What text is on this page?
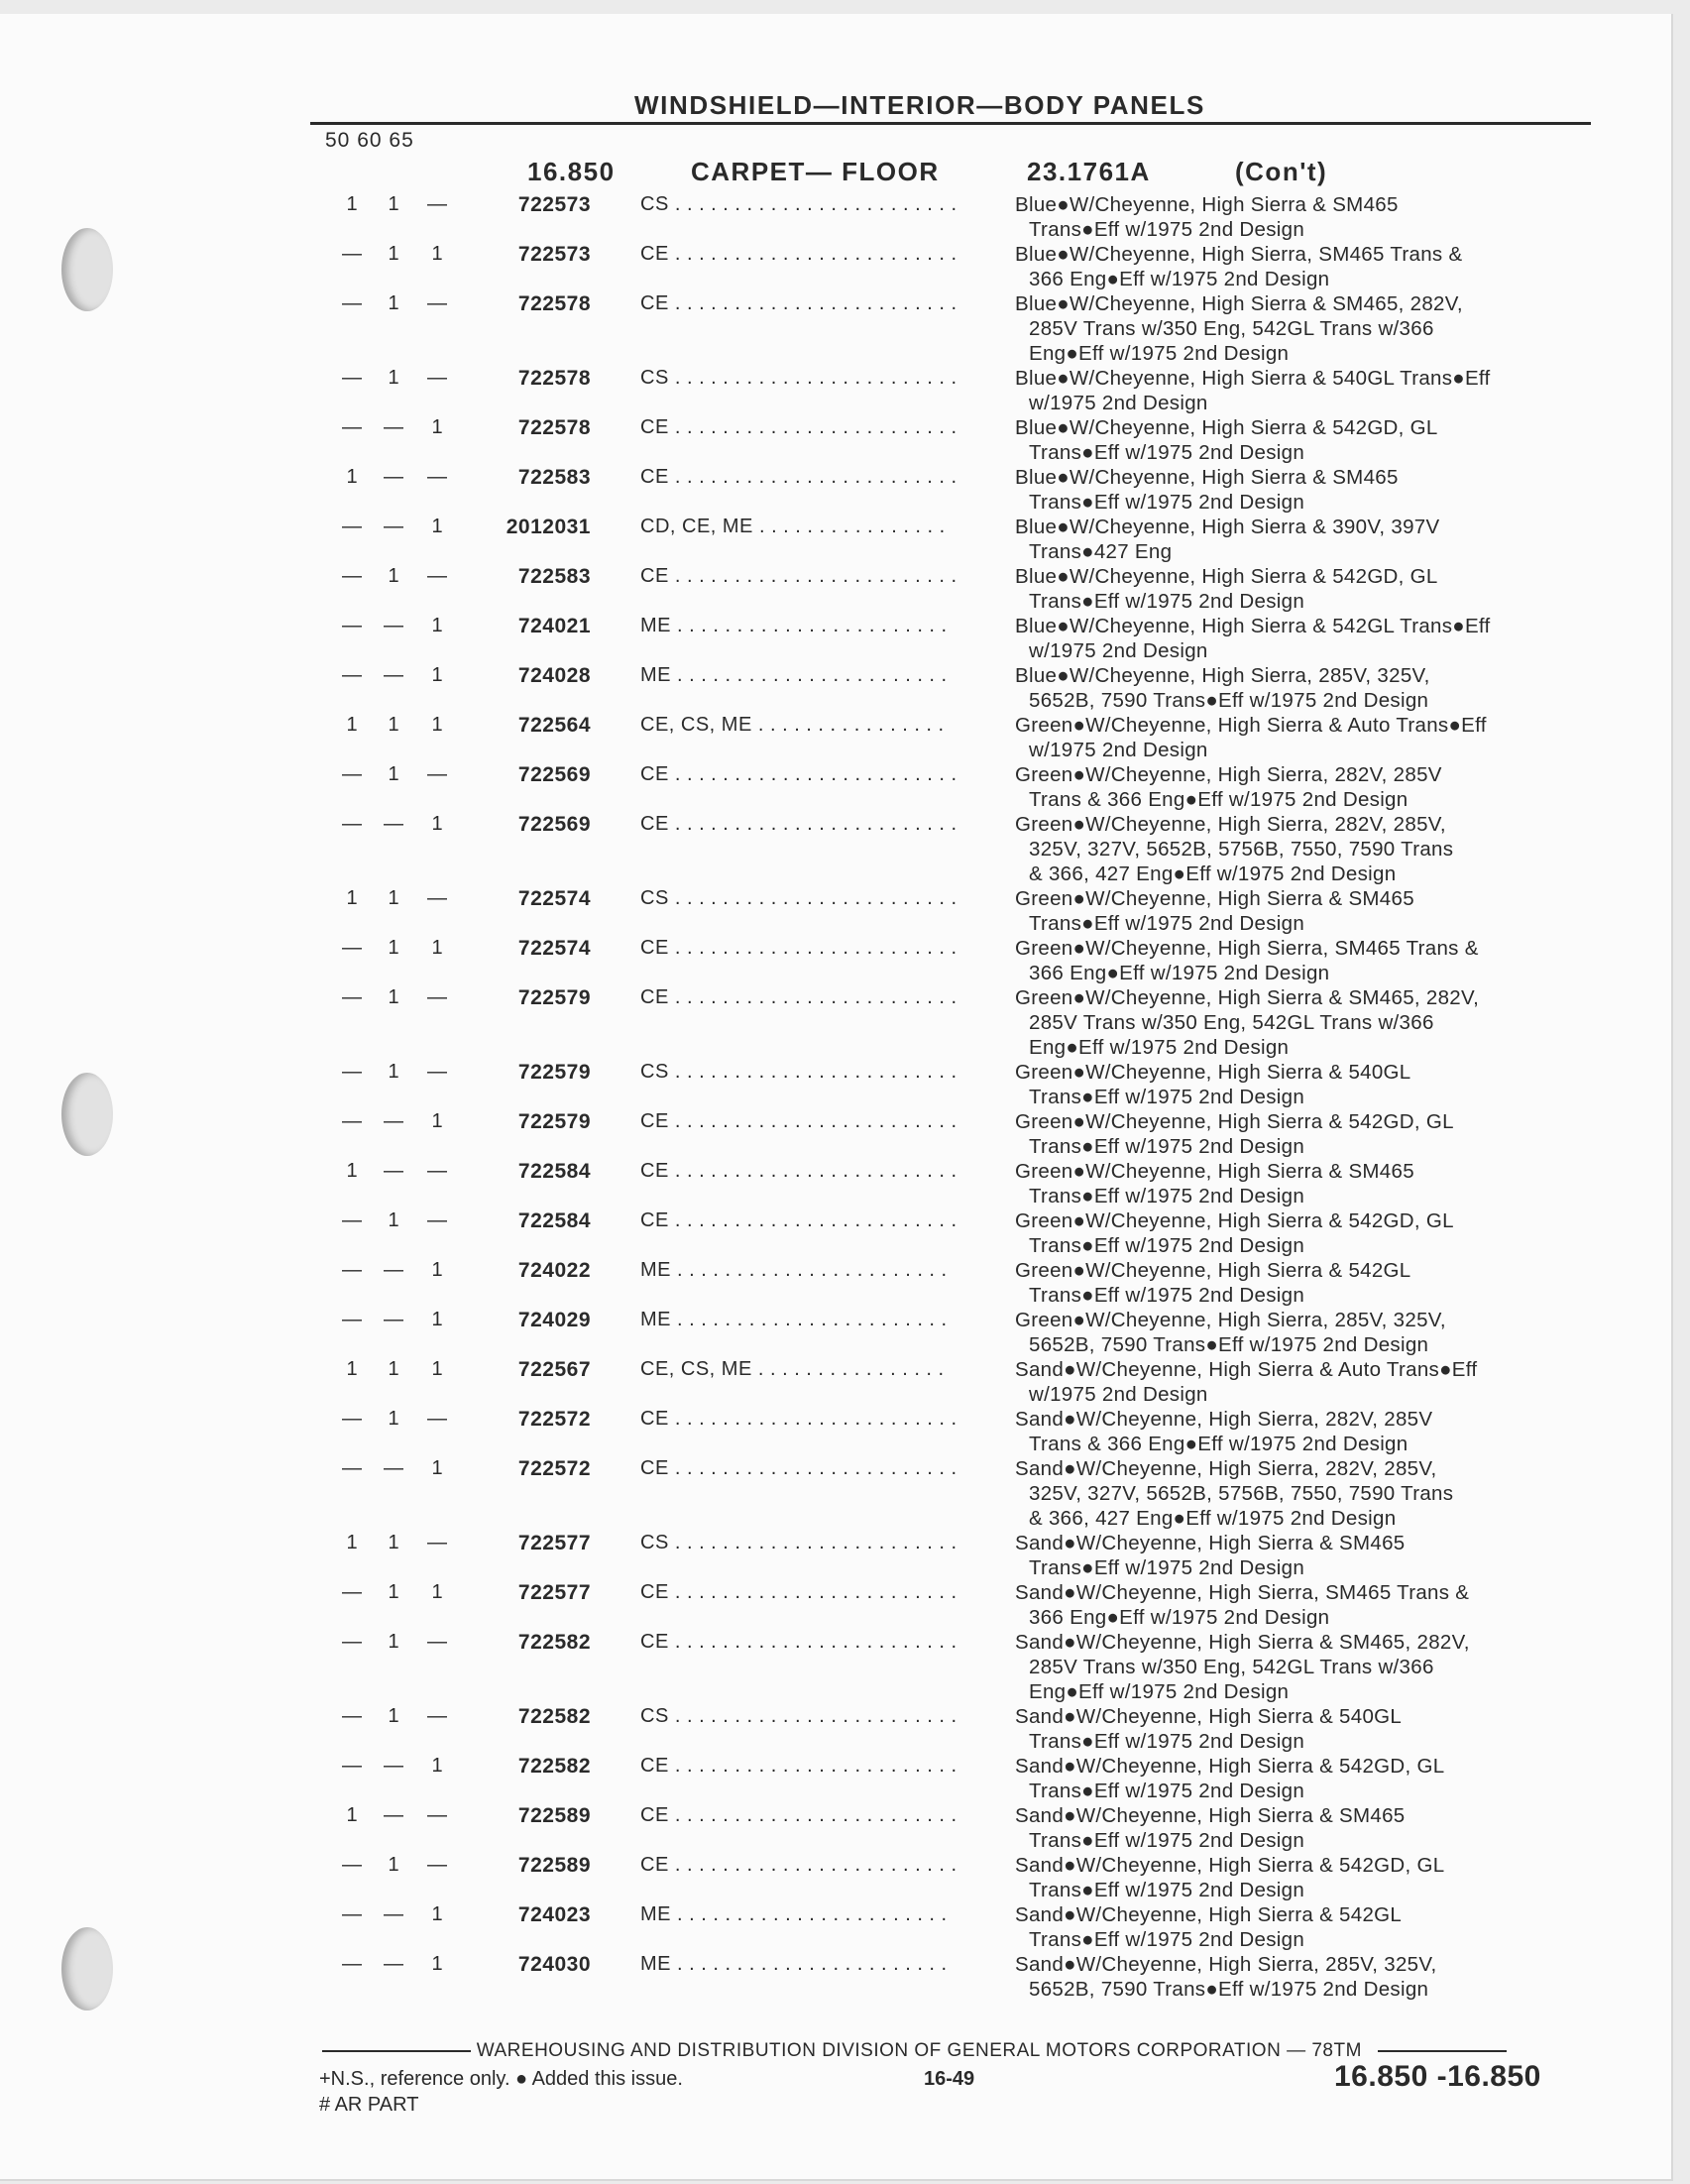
WINDSHIELD—INTERIOR—BODY PANELS
50 60 65
16.850	CARPET— FLOOR	23.1761A	(Con't)
1	1	—	722573	CS . . . . . . . . . . . . . . . . . . . . . . . .	Blue●W/Cheyenne, High Sierra & SM465
Trans●Eff w/1975 2nd Design
—	1	1	722573	CE . . . . . . . . . . . . . . . . . . . . . . . .	Blue●W/Cheyenne, High Sierra, SM465 Trans &
366 Eng●Eff w/1975 2nd Design
—	1	—	722578	CE . . . . . . . . . . . . . . . . . . . . . . . .	Blue●W/Cheyenne, High Sierra & SM465, 282V,
285V Trans w/350 Eng, 542GL Trans w/366
Eng●Eff w/1975 2nd Design
—	1	—	722578	CS . . . . . . . . . . . . . . . . . . . . . . . .	Blue●W/Cheyenne, High Sierra & 540GL Trans●Eff
w/1975 2nd Design
—	—	1	722578	CE . . . . . . . . . . . . . . . . . . . . . . . .	Blue●W/Cheyenne, High Sierra & 542GD, GL
Trans●Eff w/1975 2nd Design
1	—	—	722583	CE . . . . . . . . . . . . . . . . . . . . . . . .	Blue●W/Cheyenne, High Sierra & SM465
Trans●Eff w/1975 2nd Design
—	—	1	2012031	CD, CE, ME . . . . . . . . . . . . . . . .	Blue●W/Cheyenne, High Sierra & 390V, 397V
Trans●427 Eng
—	1	—	722583	CE . . . . . . . . . . . . . . . . . . . . . . . .	Blue●W/Cheyenne, High Sierra & 542GD, GL
Trans●Eff w/1975 2nd Design
—	—	1	724021	ME . . . . . . . . . . . . . . . . . . . . . . .	Blue●W/Cheyenne, High Sierra & 542GL Trans●Eff
w/1975 2nd Design
—	—	1	724028	ME . . . . . . . . . . . . . . . . . . . . . . .	Blue●W/Cheyenne, High Sierra, 285V, 325V,
5652B, 7590 Trans●Eff w/1975 2nd Design
1	1	1	722564	CE, CS, ME . . . . . . . . . . . . . . . .	Green●W/Cheyenne, High Sierra & Auto Trans●Eff
w/1975 2nd Design
—	1	—	722569	CE . . . . . . . . . . . . . . . . . . . . . . . .	Green●W/Cheyenne, High Sierra, 282V, 285V
Trans & 366 Eng●Eff w/1975 2nd Design
—	—	1	722569	CE . . . . . . . . . . . . . . . . . . . . . . . .	Green●W/Cheyenne, High Sierra, 282V, 285V,
325V, 327V, 5652B, 5756B, 7550, 7590 Trans
& 366, 427 Eng●Eff w/1975 2nd Design
1	1	—	722574	CS . . . . . . . . . . . . . . . . . . . . . . . .	Green●W/Cheyenne, High Sierra & SM465
Trans●Eff w/1975 2nd Design
—	1	1	722574	CE . . . . . . . . . . . . . . . . . . . . . . . .	Green●W/Cheyenne, High Sierra, SM465 Trans &
366 Eng●Eff w/1975 2nd Design
—	1	—	722579	CE . . . . . . . . . . . . . . . . . . . . . . . .	Green●W/Cheyenne, High Sierra & SM465, 282V,
285V Trans w/350 Eng, 542GL Trans w/366
Eng●Eff w/1975 2nd Design
—	1	—	722579	CS . . . . . . . . . . . . . . . . . . . . . . . .	Green●W/Cheyenne, High Sierra & 540GL
Trans●Eff w/1975 2nd Design
—	—	1	722579	CE . . . . . . . . . . . . . . . . . . . . . . . .	Green●W/Cheyenne, High Sierra & 542GD, GL
Trans●Eff w/1975 2nd Design
1	—	—	722584	CE . . . . . . . . . . . . . . . . . . . . . . . .	Green●W/Cheyenne, High Sierra & SM465
Trans●Eff w/1975 2nd Design
—	1	—	722584	CE . . . . . . . . . . . . . . . . . . . . . . . .	Green●W/Cheyenne, High Sierra & 542GD, GL
Trans●Eff w/1975 2nd Design
—	—	1	724022	ME . . . . . . . . . . . . . . . . . . . . . . .	Green●W/Cheyenne, High Sierra & 542GL
Trans●Eff w/1975 2nd Design
—	—	1	724029	ME . . . . . . . . . . . . . . . . . . . . . . .	Green●W/Cheyenne, High Sierra, 285V, 325V,
5652B, 7590 Trans●Eff w/1975 2nd Design
1	1	1	722567	CE, CS, ME . . . . . . . . . . . . . . . .	Sand●W/Cheyenne, High Sierra & Auto Trans●Eff
w/1975 2nd Design
—	1	—	722572	CE . . . . . . . . . . . . . . . . . . . . . . . .	Sand●W/Cheyenne, High Sierra, 282V, 285V
Trans & 366 Eng●Eff w/1975 2nd Design
—	—	1	722572	CE . . . . . . . . . . . . . . . . . . . . . . . .	Sand●W/Cheyenne, High Sierra, 282V, 285V,
325V, 327V, 5652B, 5756B, 7550, 7590 Trans
& 366, 427 Eng●Eff w/1975 2nd Design
1	1	—	722577	CS . . . . . . . . . . . . . . . . . . . . . . . .	Sand●W/Cheyenne, High Sierra & SM465
Trans●Eff w/1975 2nd Design
—	1	1	722577	CE . . . . . . . . . . . . . . . . . . . . . . . .	Sand●W/Cheyenne, High Sierra, SM465 Trans &
366 Eng●Eff w/1975 2nd Design
—	1	—	722582	CE . . . . . . . . . . . . . . . . . . . . . . . .	Sand●W/Cheyenne, High Sierra & SM465, 282V,
285V Trans w/350 Eng, 542GL Trans w/366
Eng●Eff w/1975 2nd Design
—	1	—	722582	CS . . . . . . . . . . . . . . . . . . . . . . . .	Sand●W/Cheyenne, High Sierra & 540GL
Trans●Eff w/1975 2nd Design
—	—	1	722582	CE . . . . . . . . . . . . . . . . . . . . . . . .	Sand●W/Cheyenne, High Sierra & 542GD, GL
Trans●Eff w/1975 2nd Design
1	—	—	722589	CE . . . . . . . . . . . . . . . . . . . . . . . .	Sand●W/Cheyenne, High Sierra & SM465
Trans●Eff w/1975 2nd Design
—	1	—	722589	CE . . . . . . . . . . . . . . . . . . . . . . . .	Sand●W/Cheyenne, High Sierra & 542GD, GL
Trans●Eff w/1975 2nd Design
—	—	1	724023	ME . . . . . . . . . . . . . . . . . . . . . . .	Sand●W/Cheyenne, High Sierra & 542GL
Trans●Eff w/1975 2nd Design
—	—	1	724030	ME . . . . . . . . . . . . . . . . . . . . . . .	Sand●W/Cheyenne, High Sierra, 285V, 325V,
5652B, 7590 Trans●Eff w/1975 2nd Design
WAREHOUSING AND DISTRIBUTION DIVISION OF GENERAL MOTORS CORPORATION — 78TM
+N.S., reference only. ● Added this issue.	16-49	16.850 -16.850
# AR PART
